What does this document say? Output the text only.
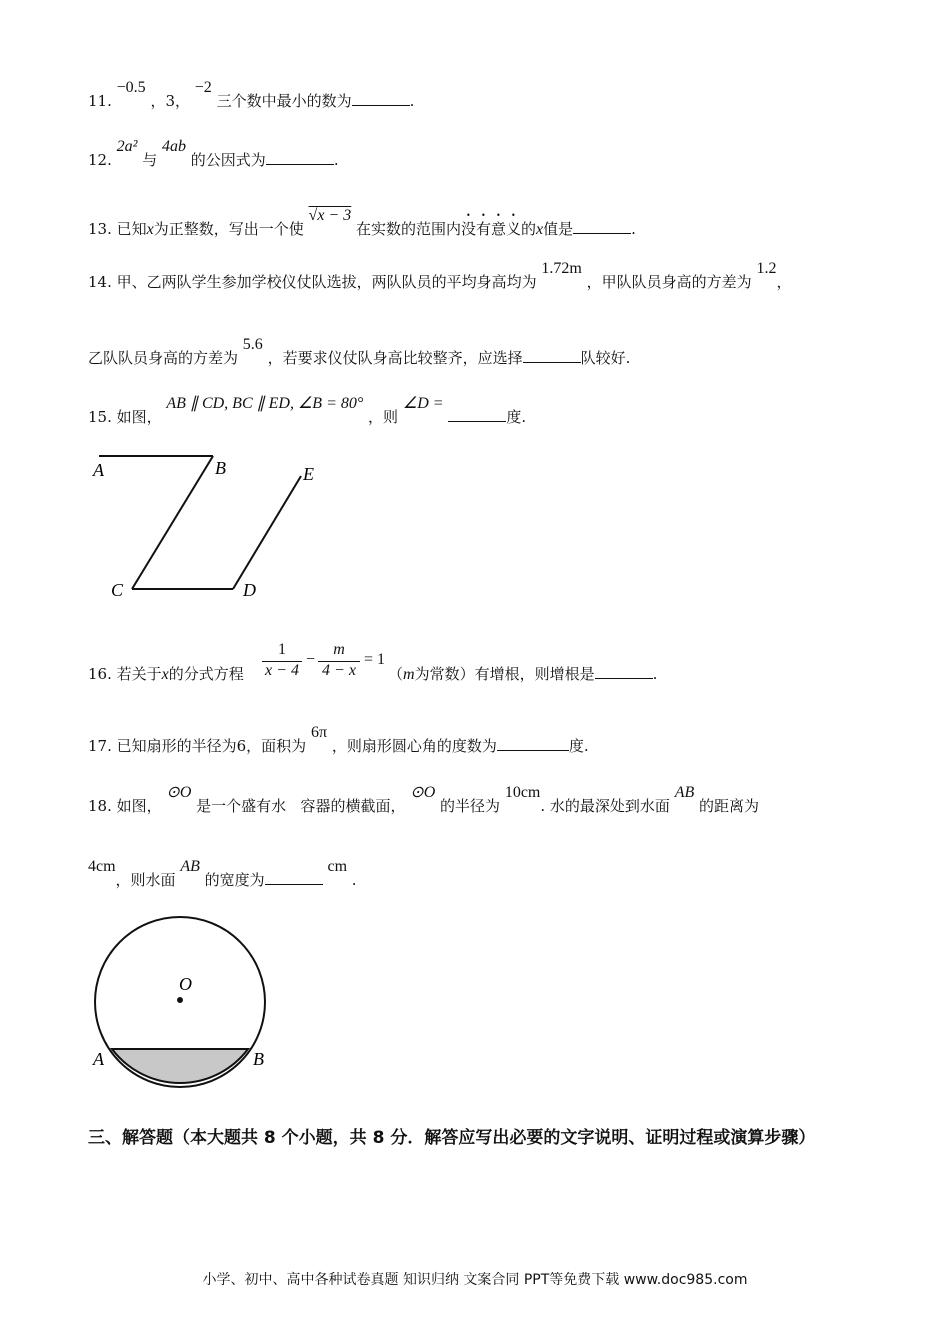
11. −0.5 ，3， −2 三个数中最小的数为	.
12. 2a² 与 4ab 的公因式为	.
13. 已知x为正整数，写出一个使 √x − 3 在实数的范围内没有意义的x值是	.
14. 甲、乙两队学生参加学校仪仗队选拔，两队队员的平均身高均为 1.72m ，甲队队员身高的方差为 1.2，
乙队队员身高的方差为 5.6 ，若要求仪仗队身高比较整齐，应选择	队较好.
15. 如图， AB ∥ CD, BC ∥ ED, ∠B = 80° ，则 ∠D = 度.
A	B
C	D
E
16. 若关于x的分式方程 $\frac{1}{x - 4} - \frac{m}{4 - x} = 1$
（m为常数）有增根，则增根是	.
17. 已知扇形的半径为6，面积为 6π ，则扇形圆心角的度数为	度.
18. 如图， ⊙O 是一个盛有水 容器的横截面， ⊙O 的半径为 10cm. 水的最深处到水面 AB 的距离为
4cm，则水面 AB 的宽度为 cm .
O
A	B
三、解答题（本大题共 8 个小题，共 8 分．解答应写出必要的文字说明、证明过程或演算步骤）
小学、初中、高中各种试卷真题 知识归纳 文案合同 PPT等免费下载 www.doc985.com
